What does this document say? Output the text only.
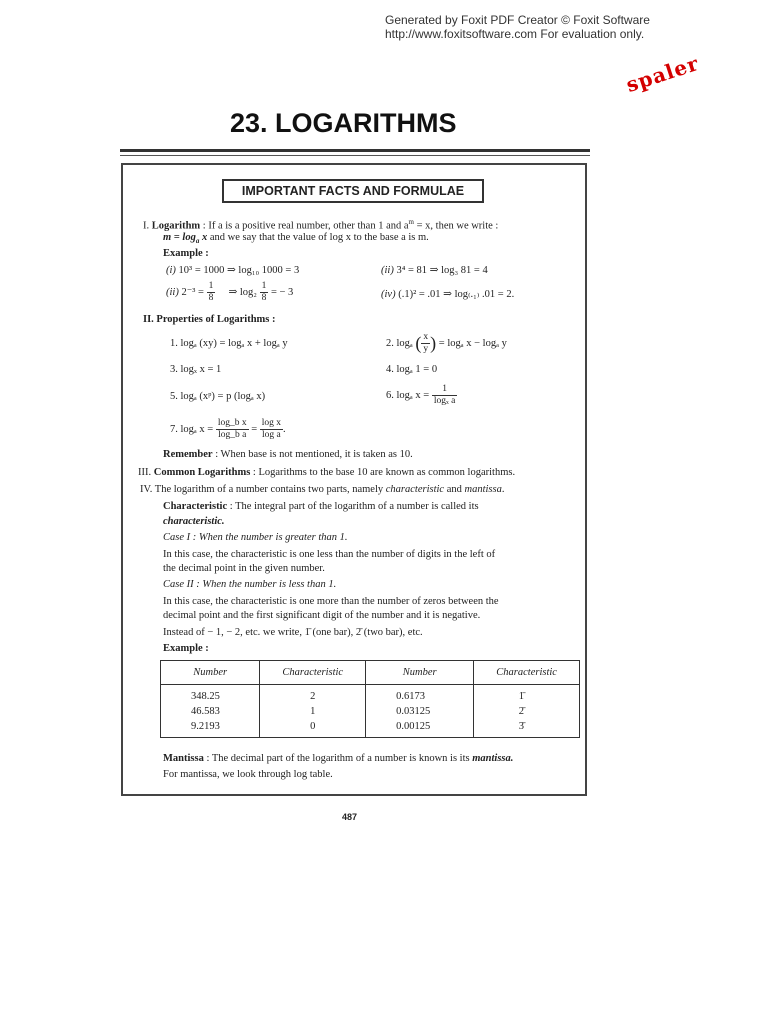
Generated by Foxit PDF Creator © Foxit Software
http://www.foxitsoftware.com For evaluation only.
spaler
23. LOGARITHMS
IMPORTANT FACTS AND FORMULAE
I. Logarithm : If a is a positive real number, other than 1 and $a^m = x$, then we write :
$m = \log_a x$ and we say that the value of log x to the base a is m.
Example :
(i) 10³ = 1000 ⇒ log₁₀ 1000 = 3	(ii) 3⁴ = 81 ⇒ log₃ 81 = 4
(ii) $2^{-3} = \frac{1}{8}$ ⇒ $\log_2 \frac{1}{8}$ = − 3	(iv) (.1)² = .01 ⇒ log₍.₁₎ .01 = 2.
II. Properties of Logarithms :
1. logₐ (xy) = logₐ x + logₐ y	2. logₐ ( $\frac{x}{y}$ ) = logₐ x − logₐ y
3. logₓ x = 1	4. logₐ 1 = 0
5. logₐ (xᵖ) = p (logₐ x)	6. logₐ $x = \frac{1}{\text{logₓ a}}$
7. logₐ $x = \frac{\text{log\_b x}}{\text{log\_b a}} = \frac{\text{log x}}{\text{log a}}$ .
Remember : When base is not mentioned, it is taken as 10.
III. Common Logarithms : Logarithms to the base 10 are known as common logarithms.
IV. The logarithm of a number contains two parts, namely characteristic and mantissa.
Characteristic : The integral part of the logarithm of a number is called its
characteristic.
Case I : When the number is greater than 1.
In this case, the characteristic is one less than the number of digits in the left of
the decimal point in the given number.
Case II : When the number is less than 1.
In this case, the characteristic is one more than the number of zeros between the
decimal point and the first significant digit of the number and it is negative.
Instead of − 1, − 2, etc. we write, 1̄ (one bar), 2̄ (two bar), etc.
Example :
Number	Characteristic	Number	Characteristic
348.25	2	0.6173	1̄
46.583	1	0.03125	2̄
9.2193	0	0.00125	3̄
Mantissa : The decimal part of the logarithm of a number is known is its mantissa.
For mantissa, we look through log table.
487
